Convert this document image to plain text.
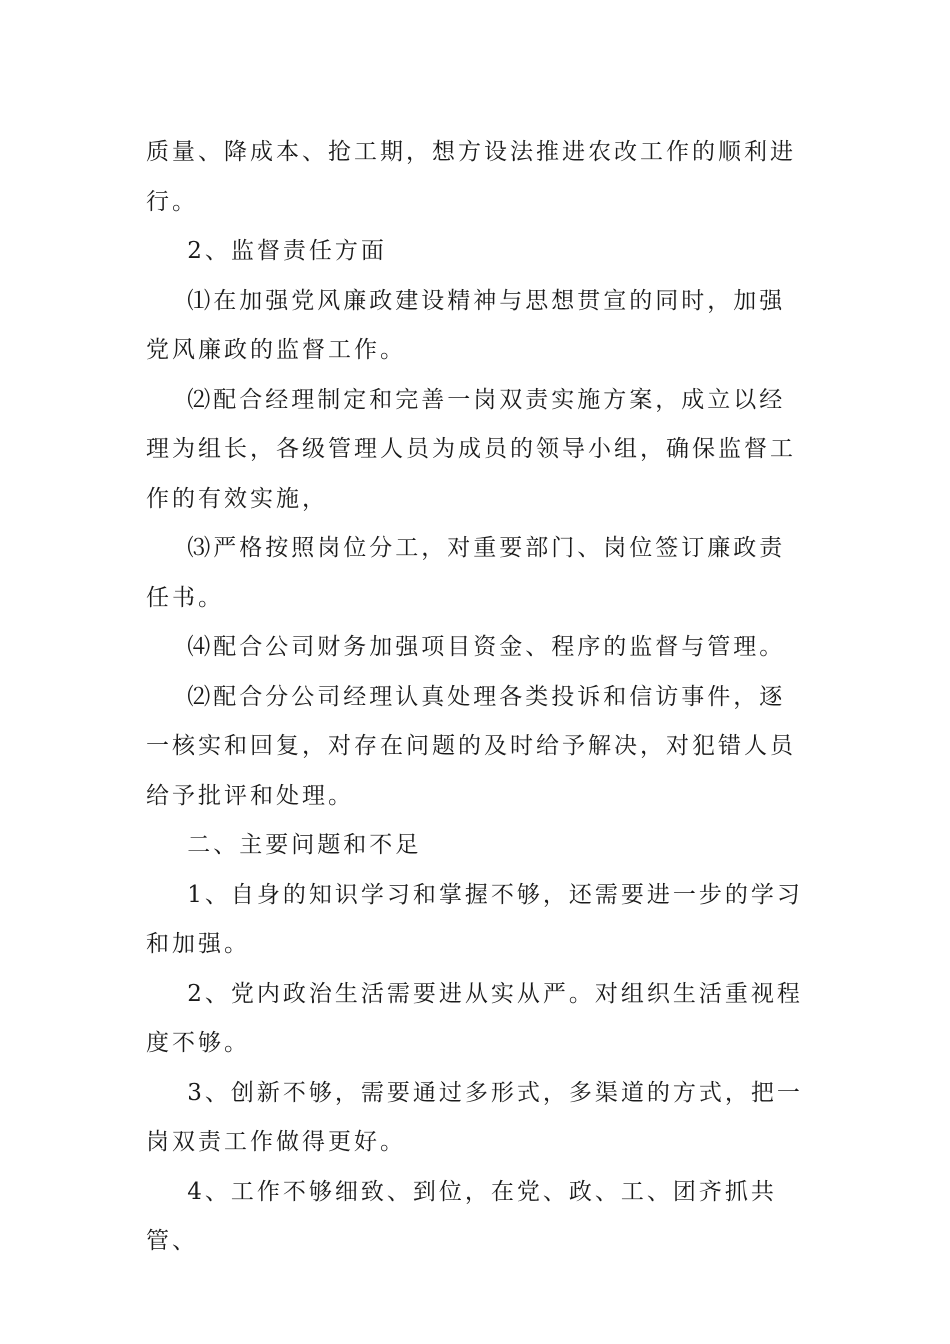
质量、降成本、抢工期，想方设法推进农改工作的顺利进

行。

2、监督责任方面

⑴在加强党风廉政建设精神与思想贯宣的同时，加强

党风廉政的监督工作。

⑵配合经理制定和完善一岗双责实施方案，成立以经

理为组长，各级管理人员为成员的领导小组，确保监督工

作的有效实施，

⑶严格按照岗位分工，对重要部门、岗位签订廉政责

任书。

⑷配合公司财务加强项目资金、程序的监督与管理。

⑵配合分公司经理认真处理各类投诉和信访事件，逐

一核实和回复，对存在问题的及时给予解决，对犯错人员

给予批评和处理。

二、主要问题和不足

1、自身的知识学习和掌握不够，还需要进一步的学习

和加强。

2、党内政治生活需要进从实从严。对组织生活重视程

度不够。

3、创新不够，需要通过多形式，多渠道的方式，把一

岗双责工作做得更好。

4、工作不够细致、到位，在党、政、工、团齐抓共管、
